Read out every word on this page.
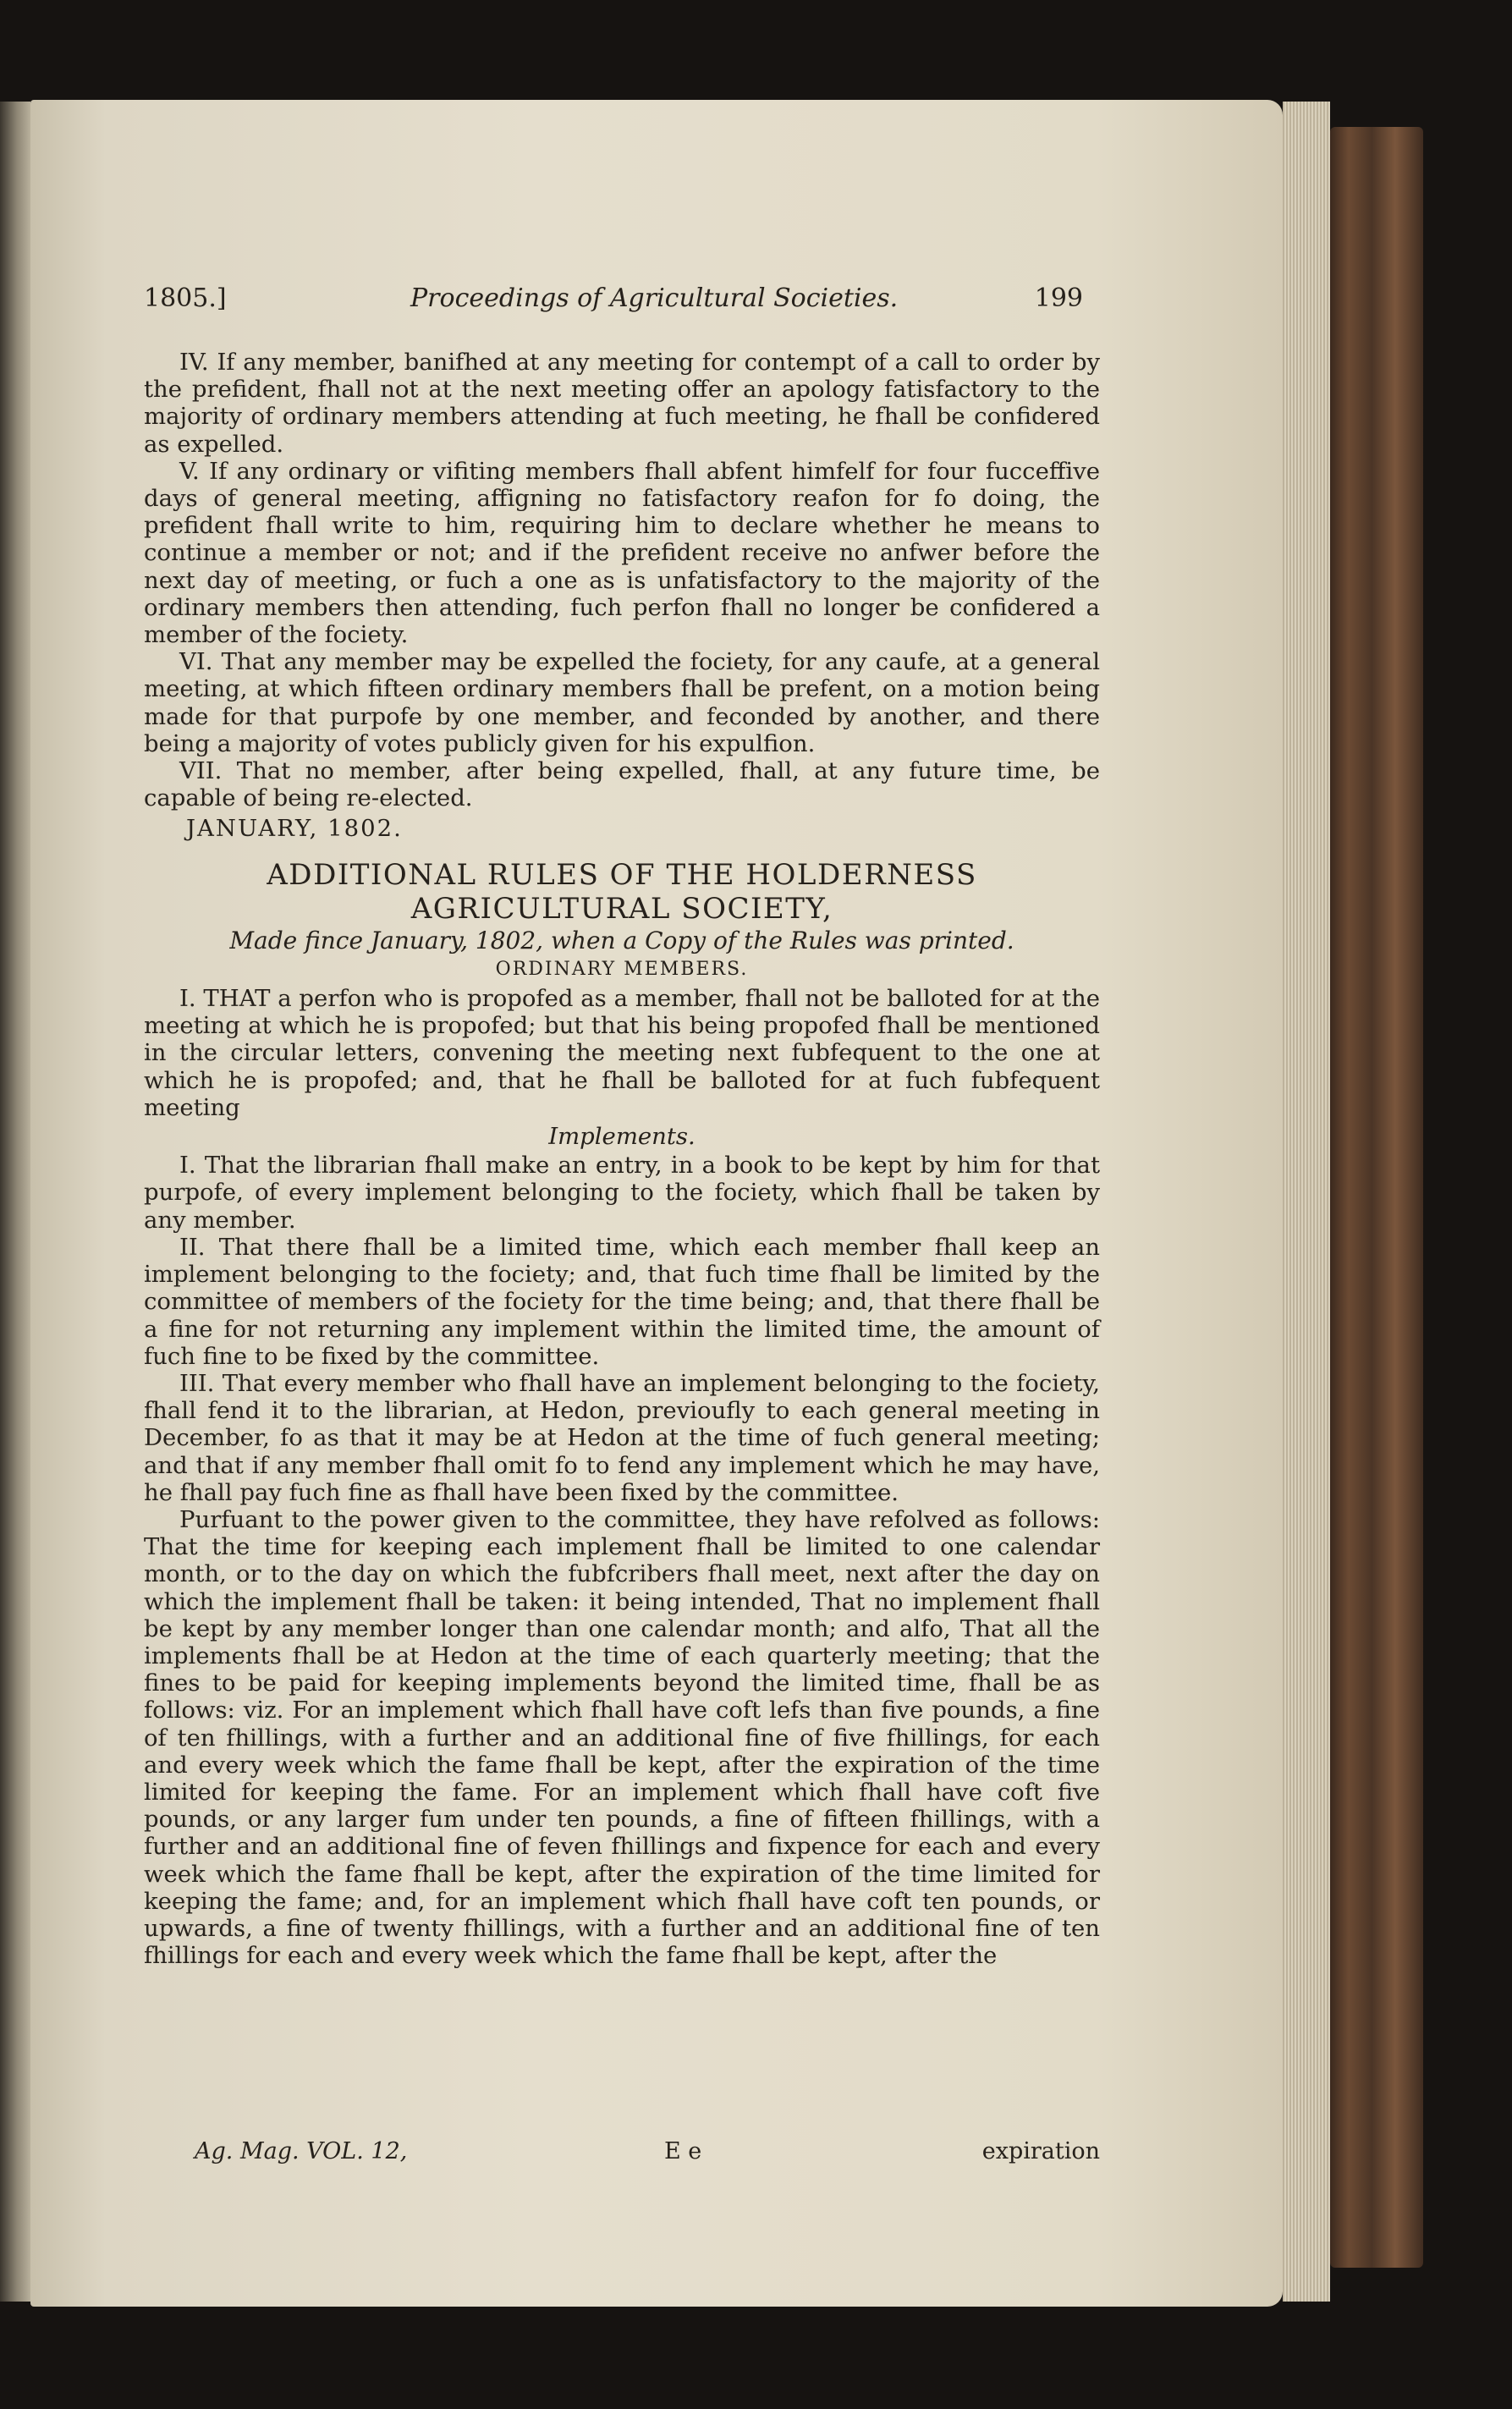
1805.]	Proceedings of Agricultural Societies.	199

IV. If any member, banifhed at any meeting for contempt of a call to order by the prefident, fhall not at the next meeting offer an apology fatisfactory to the majority of ordinary members attending at fuch meeting, he fhall be confidered as expelled.

V. If any ordinary or vifiting members fhall abfent himfelf for four fucceffive days of general meeting, affigning no fatisfactory reafon for fo doing, the prefident fhall write to him, requiring him to declare whether he means to continue a member or not; and if the prefident receive no anfwer before the next day of meeting, or fuch a one as is unfatisfactory to the majority of the ordinary members then attending, fuch perfon fhall no longer be confidered a member of the fociety.

VI. That any member may be expelled the fociety, for any caufe, at a general meeting, at which fifteen ordinary members fhall be prefent, on a motion being made for that purpofe by one member, and feconded by another, and there being a majority of votes publicly given for his expulfion.

VII. That no member, after being expelled, fhall, at any future time, be capable of being re-elected.

JANUARY, 1802.
ADDITIONAL RULES OF THE HOLDERNESS AGRICULTURAL SOCIETY,
Made fince January, 1802, when a Copy of the Rules was printed.
ORDINARY MEMBERS.

I. THAT a perfon who is propofed as a member, fhall not be balloted for at the meeting at which he is propofed; but that his being propofed fhall be mentioned in the circular letters, convening the meeting next fubfequent to the one at which he is propofed; and, that he fhall be balloted for at fuch fubfequent meeting

Implements.

I. That the librarian fhall make an entry, in a book to be kept by him for that purpofe, of every implement belonging to the fociety, which fhall be taken by any member.

II. That there fhall be a limited time, which each member fhall keep an implement belonging to the fociety; and, that fuch time fhall be limited by the committee of members of the fociety for the time being; and, that there fhall be a fine for not returning any implement within the limited time, the amount of fuch fine to be fixed by the committee.

III. That every member who fhall have an implement belonging to the fociety, fhall fend it to the librarian, at Hedon, previoufly to each general meeting in December, fo as that it may be at Hedon at the time of fuch general meeting; and that if any member fhall omit fo to fend any implement which he may have, he fhall pay fuch fine as fhall have been fixed by the committee.

Purfuant to the power given to the committee, they have refolved as follows: That the time for keeping each implement fhall be limited to one calendar month, or to the day on which the fubfcribers fhall meet, next after the day on which the implement fhall be taken: it being intended, That no implement fhall be kept by any member longer than one calendar month; and alfo, That all the implements fhall be at Hedon at the time of each quarterly meeting; that the fines to be paid for keeping implements beyond the limited time, fhall be as follows: viz. For an implement which fhall have coft lefs than five pounds, a fine of ten fhillings, with a further and an additional fine of five fhillings, for each and every week which the fame fhall be kept, after the expiration of the time limited for keeping the fame. For an implement which fhall have coft five pounds, or any larger fum under ten pounds, a fine of fifteen fhillings, with a further and an additional fine of feven fhillings and fixpence for each and every week which the fame fhall be kept, after the expiration of the time limited for keeping the fame; and, for an implement which fhall have coft ten pounds, or upwards, a fine of twenty fhillings, with a further and an additional fine of ten fhillings for each and every week which the fame fhall be kept, after the

Ag. Mag. VOL. 12,	E e	expiration
